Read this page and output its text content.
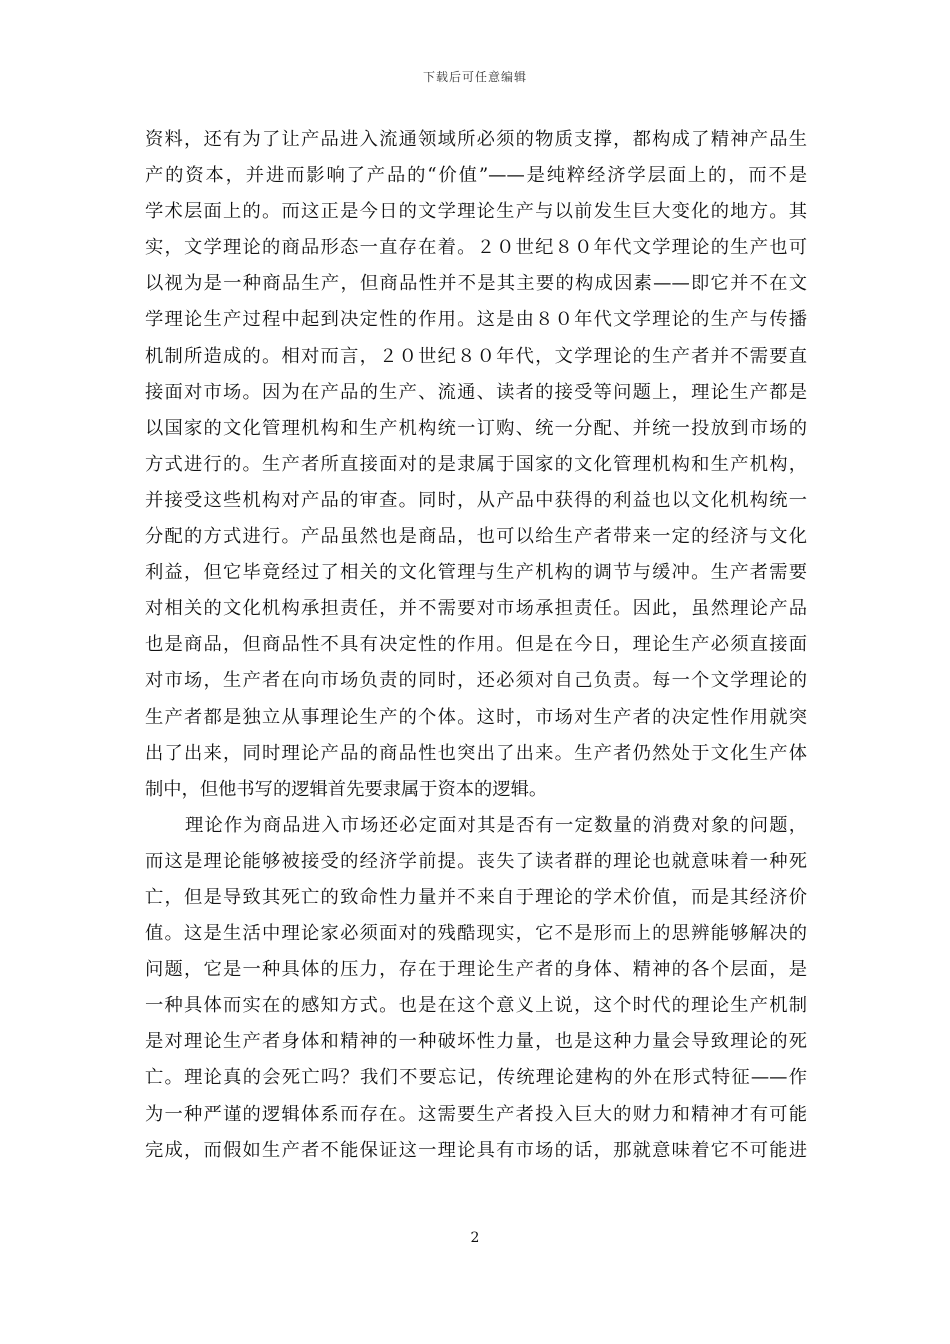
下载后可任意编辑
资料，还有为了让产品进入流通领域所必须的物质支撑，都构成了精神产品生
产的资本，并进而影响了产品的“价值”——是纯粹经济学层面上的，而不是
学术层面上的。而这正是今日的文学理论生产与以前发生巨大变化的地方。其
实，文学理论的商品形态一直存在着。２０世纪８０年代文学理论的生产也可
以视为是一种商品生产，但商品性并不是其主要的构成因素——即它并不在文
学理论生产过程中起到决定性的作用。这是由８０年代文学理论的生产与传播
机制所造成的。相对而言，２０世纪８０年代，文学理论的生产者并不需要直
接面对市场。因为在产品的生产、流通、读者的接受等问题上，理论生产都是
以国家的文化管理机构和生产机构统一订购、统一分配、并统一投放到市场的
方式进行的。生产者所直接面对的是隶属于国家的文化管理机构和生产机构，
并接受这些机构对产品的审查。同时，从产品中获得的利益也以文化机构统一
分配的方式进行。产品虽然也是商品，也可以给生产者带来一定的经济与文化
利益，但它毕竟经过了相关的文化管理与生产机构的调节与缓冲。生产者需要
对相关的文化机构承担责任，并不需要对市场承担责任。因此，虽然理论产品
也是商品，但商品性不具有决定性的作用。但是在今日，理论生产必须直接面
对市场，生产者在向市场负责的同时，还必须对自己负责。每一个文学理论的
生产者都是独立从事理论生产的个体。这时，市场对生产者的决定性作用就突
出了出来，同时理论产品的商品性也突出了出来。生产者仍然处于文化生产体
制中，但他书写的逻辑首先要隶属于资本的逻辑。
理论作为商品进入市场还必定面对其是否有一定数量的消费对象的问题，
而这是理论能够被接受的经济学前提。丧失了读者群的理论也就意味着一种死
亡，但是导致其死亡的致命性力量并不来自于理论的学术价值，而是其经济价
值。这是生活中理论家必须面对的残酷现实，它不是形而上的思辨能够解决的
问题，它是一种具体的压力，存在于理论生产者的身体、精神的各个层面，是
一种具体而实在的感知方式。也是在这个意义上说，这个时代的理论生产机制
是对理论生产者身体和精神的一种破坏性力量，也是这种力量会导致理论的死
亡。理论真的会死亡吗？我们不要忘记，传统理论建构的外在形式特征——作
为一种严谨的逻辑体系而存在。这需要生产者投入巨大的财力和精神才有可能
完成，而假如生产者不能保证这一理论具有市场的话，那就意味着它不可能进
2
